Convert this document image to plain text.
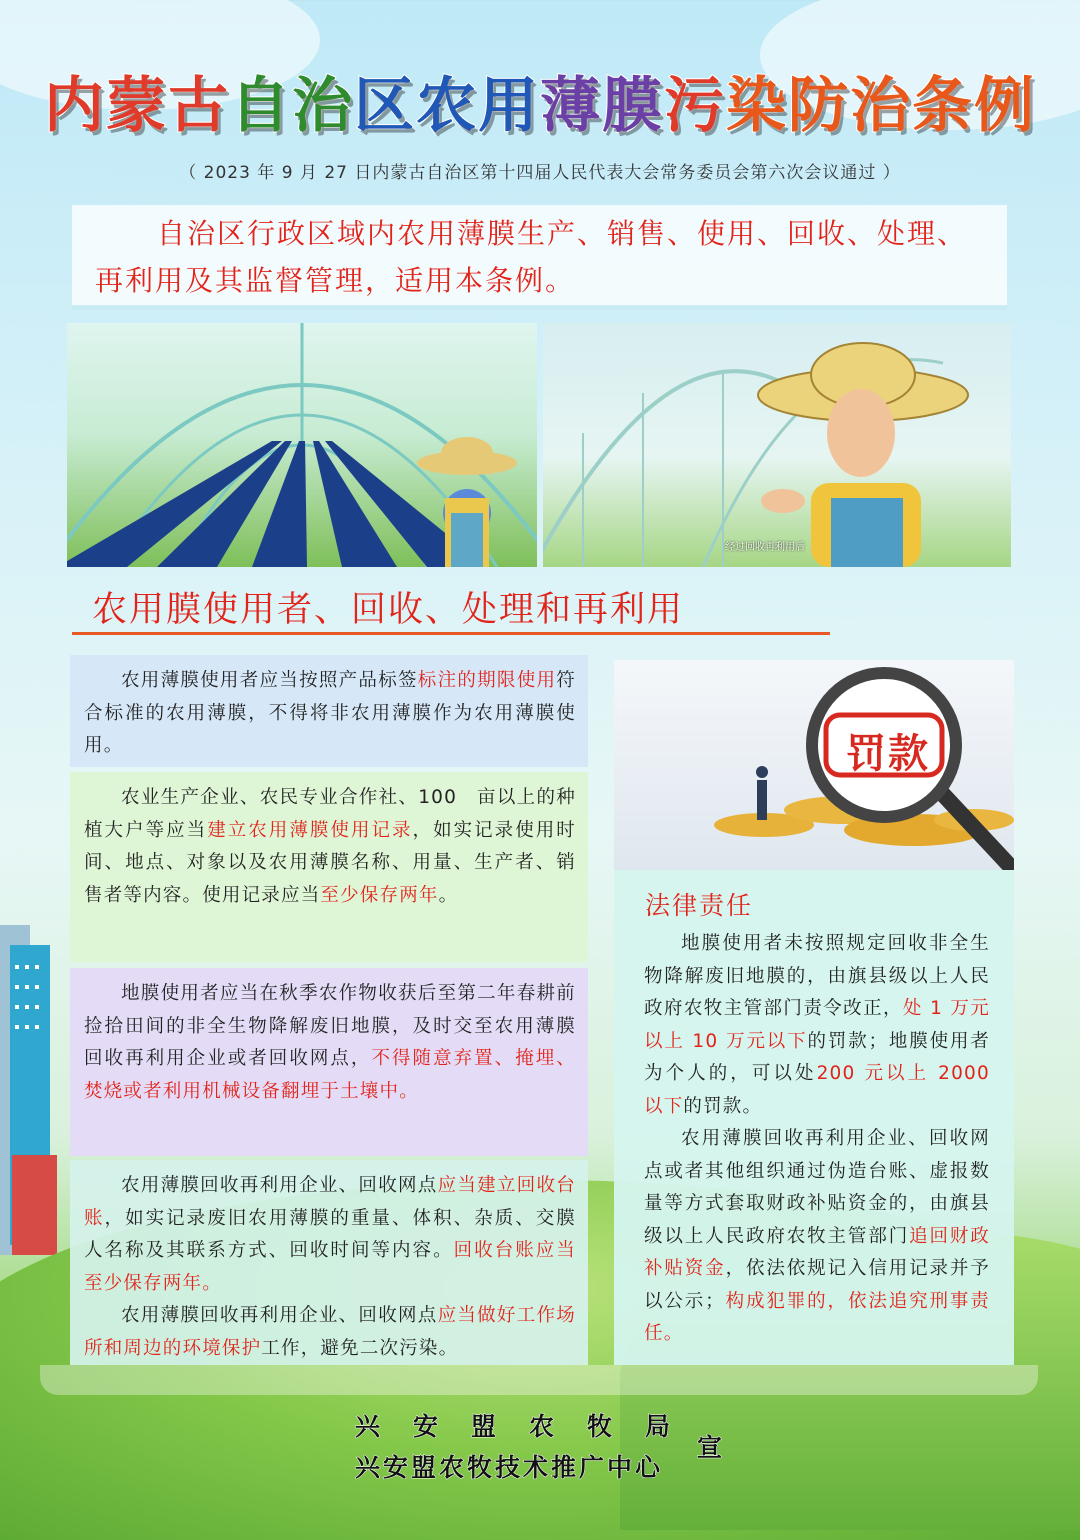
内蒙古自治区农用薄膜污染防治条例
（ 2023 年 9 月 27 日内蒙古自治区第十四届人民代表大会常务委员会第六次会议通过 ）
自治区行政区域内农用薄膜生产、销售、使用、回收、处理、再利用及其监督管理，适用本条例。
经过回收再利用后
农用膜使用者、回收、处理和再利用

农用薄膜使用者应当按照产品标签标注的期限使用符合标准的农用薄膜，不得将非农用薄膜作为农用薄膜使用。

农业生产企业、农民专业合作社、100　亩以上的种植大户等应当建立农用薄膜使用记录，如实记录使用时间、地点、对象以及农用薄膜名称、用量、生产者、销售者等内容。使用记录应当至少保存两年。

地膜使用者应当在秋季农作物收获后至第二年春耕前捡拾田间的非全生物降解废旧地膜，及时交至农用薄膜回收再利用企业或者回收网点，不得随意弃置、掩埋、焚烧或者利用机械设备翻埋于土壤中。

农用薄膜回收再利用企业、回收网点应当建立回收台账，如实记录废旧农用薄膜的重量、体积、杂质、交膜人名称及其联系方式、回收时间等内容。回收台账应当至少保存两年。

农用薄膜回收再利用企业、回收网点应当做好工作场所和周边的环境保护工作，避免二次污染。

罚款
法律责任

地膜使用者未按照规定回收非全生物降解废旧地膜的，由旗县级以上人民政府农牧主管部门责令改正，处 1 万元以上 10 万元以下的罚款；地膜使用者为个人的，可以处200 元以上 2000 以下的罚款。

农用薄膜回收再利用企业、回收网点或者其他组织通过伪造台账、虚报数量等方式套取财政补贴资金的，由旗县级以上人民政府农牧主管部门追回财政补贴资金，依法依规记入信用记录并予以公示；构成犯罪的，依法追究刑事责任。

兴安盟农牧局
兴安盟农牧技术推广中心
宣
